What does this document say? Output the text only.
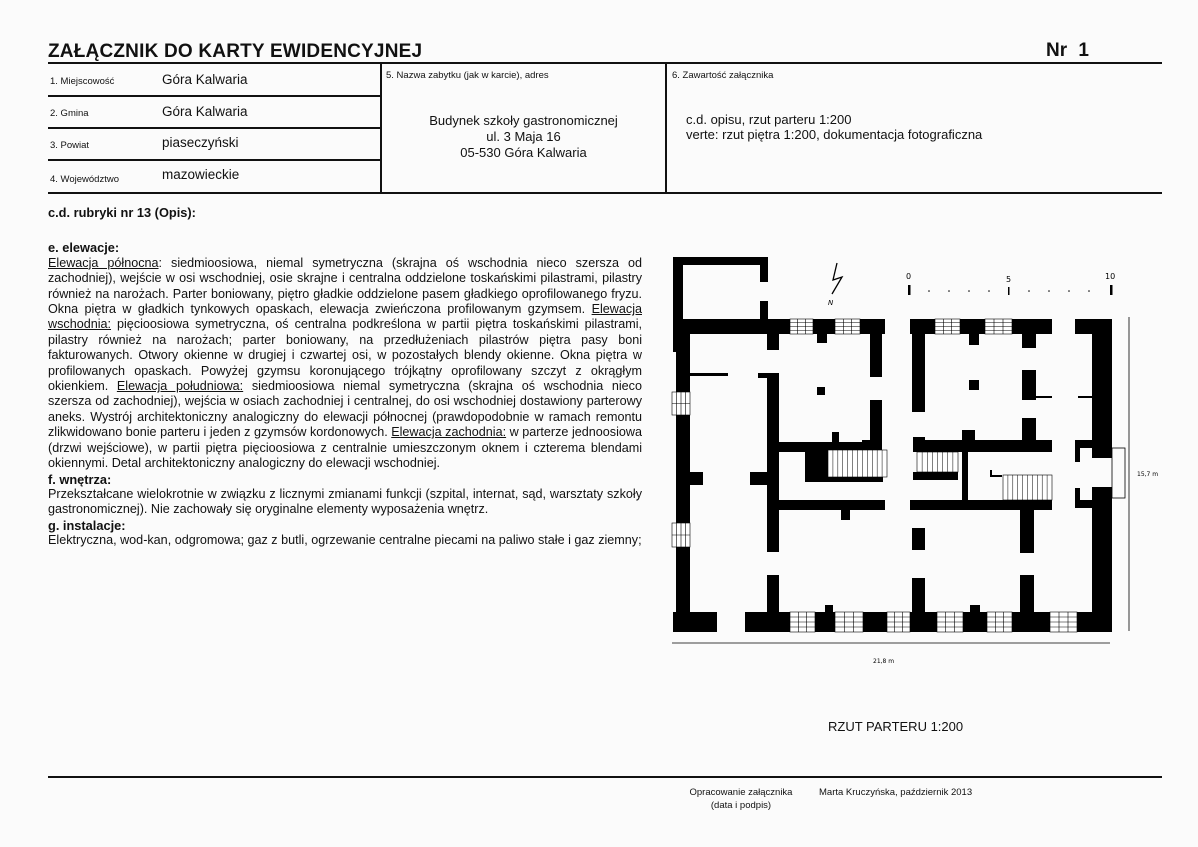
ZAŁĄCZNIK DO KARTY EWIDENCYJNEJ	Nr 1
1. Miejscowość	Góra Kalwaria
2. Gmina	Góra Kalwaria
3. Powiat	piaseczyński
4. Województwo	mazowieckie
5. Nazwa zabytku (jak w karcie), adres
Budynek szkoły gastronomicznej
ul. 3 Maja 16
05-530 Góra Kalwaria
6. Zawartość załącznika
c.d. opisu, rzut parteru 1:200
verte: rzut piętra 1:200, dokumentacja fotograficzna
c.d. rubryki nr 13 (Opis):
e. elewacje:

Elewacja północna: siedmioosiowa, niemal symetryczna (skrajna oś wschodnia nieco szersza od zachodniej), wejście w osi wschodniej, osie skrajne i centralna oddzielone toskańskimi pilastrami, pilastry również na narożach. Parter boniowany, piętro gładkie oddzielone pasem gładkiego oprofilowanego fryzu. Okna piętra w gładkich tynkowych opaskach, elewacja zwieńczona profilowanym gzymsem. Elewacja wschodnia: pięcioosiowa symetryczna, oś centralna podkreślona w partii piętra toskańskimi pilastrami, pilastry również na narożach; parter boniowany, na przedłużeniach pilastrów piętra pasy boni fakturowanych. Otwory okienne w drugiej i czwartej osi, w pozostałych blendy okienne. Okna piętra w profilowanych opaskach. Powyżej gzymsu koronującego trójkątny oprofilowany szczyt z okrągłym okienkiem. Elewacja południowa: siedmioosiowa niemal symetryczna (skrajna oś wschodnia nieco szersza od zachodniej), wejścia w osiach zachodniej i centralnej, do osi wschodniej dostawiony parterowy aneks. Wystrój architektoniczny analogiczny do elewacji północnej (prawdopodobnie w ramach remontu zlikwidowano bonie parteru i jeden z gzymsów kordonowych. Elewacja zachodnia: w parterze jednoosiowa (drzwi wejściowe), w partii piętra pięcioosiowa z centralnie umieszczonym oknem i czterema blendami okiennymi. Detal architektoniczny analogiczny do elewacji wschodniej.

f. wnętrza:

Przekształcane wielokrotnie w związku z licznymi zmianami funkcji (szpital, internat, sąd, warsztaty szkoły gastronomicznej). Nie zachowały się oryginalne elementy wyposażenia wnętrz.

g. instalacje:

Elektryczna, wod-kan, odgromowa; gaz z butli, ogrzewanie centralne piecami na paliwo stałe i gaz ziemny;

N
0	5	10
21,8 m
15,7 m
RZUT PARTERU 1:200
Opracowanie załącznika
(data i podpis)
Marta Kruczyńska, październik 2013
